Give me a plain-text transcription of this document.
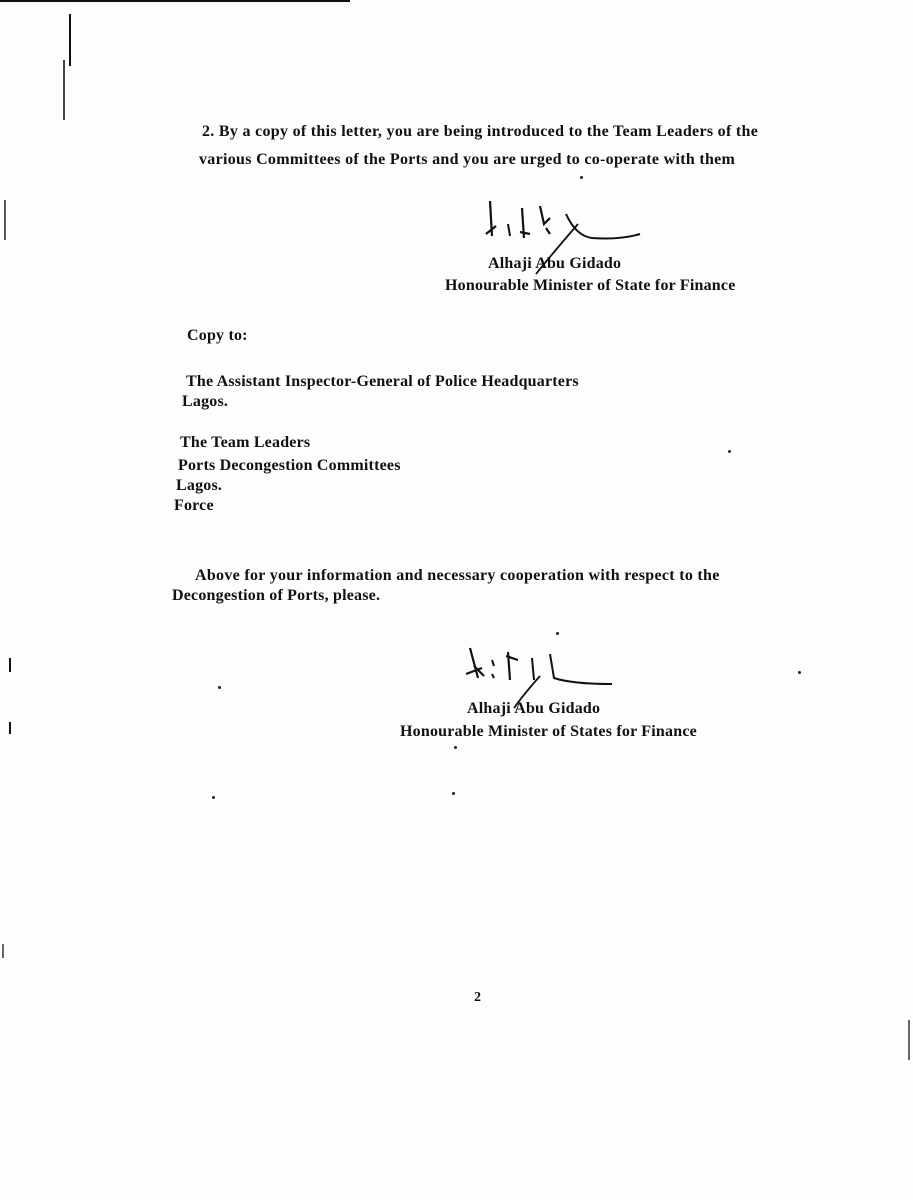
2. By a copy of this letter, you are being introduced to the Team Leaders of the
various Committees of the Ports and you are urged to co-operate with them
Alhaji Abu Gidado
Honourable Minister of State for Finance
Copy to:
The Assistant Inspector-General of Police Headquarters
Lagos.
The Team Leaders
Ports Decongestion Committees
Lagos.
Force
Above for your information and necessary cooperation with respect to the
Decongestion of Ports, please.
Alhaji Abu Gidado
Honourable Minister of States for Finance
2
